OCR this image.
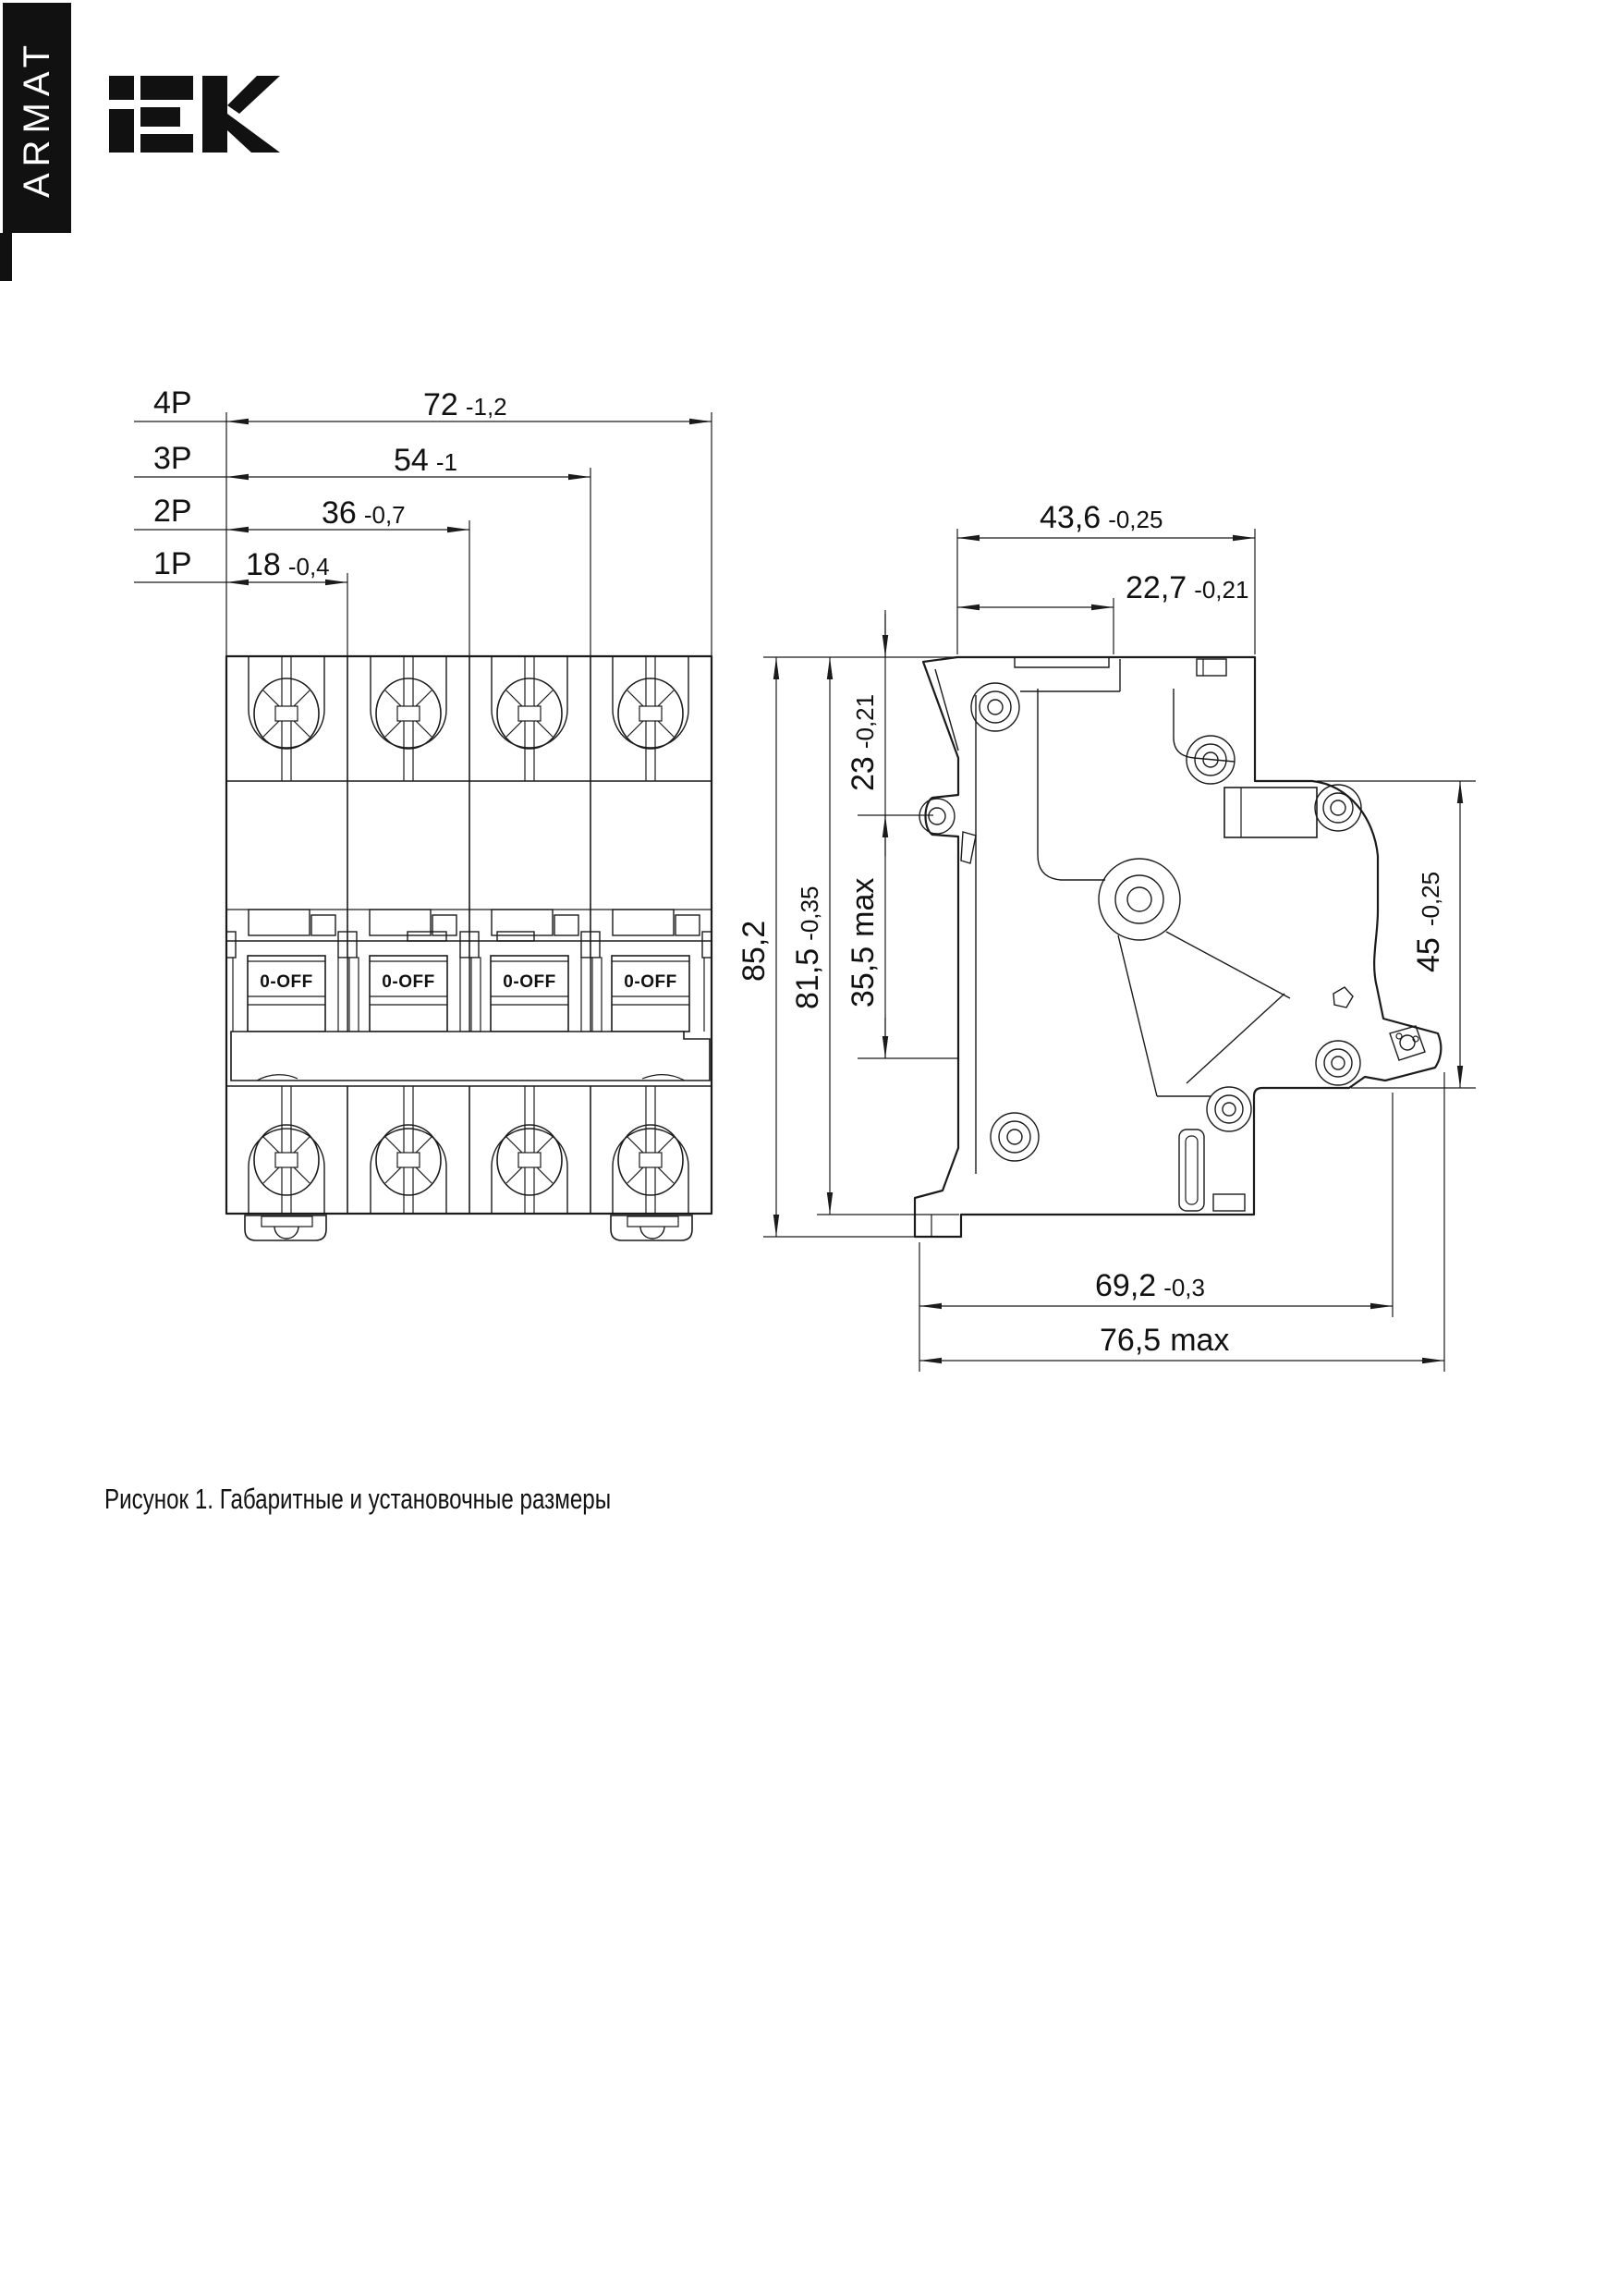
ARMAT
4P	72 -1,2
3P	54 -1
2P	36 -0,7
1P 18 -0,4
0-OFF	0-OFF	0-OFF	0-OFF
43,6 -0,25
22,7 -0,21
85,2 81,5-0,35
23-0,21
35,5max
45-0,25
69,2 -0,3
76,5 max
Рисунок 1. Габаритные и установочные размеры
